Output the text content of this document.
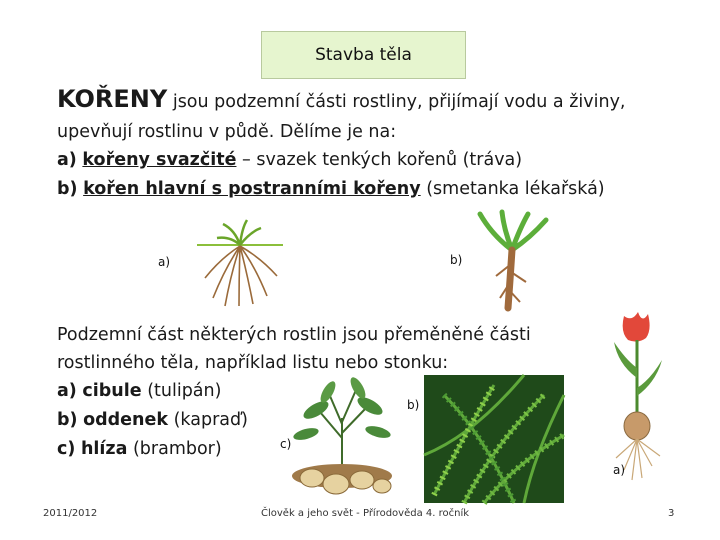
Stavba těla
KOŘENY jsou podzemní části rostliny, přijímají vodu a živiny,
upevňují rostlinu v půdě. Dělíme je na:
a) kořeny svazčité – svazek tenkých kořenů (tráva)
b) kořen hlavní s postranními kořeny (smetanka lékařská)
a)	b)
Podzemní část některých rostlin jsou přeměněné části
rostlinného těla, například listu nebo stonku:
a) cibule (tulipán)
b) oddenek (kapraď)
c) hlíza (brambor)	c)
b)
a)
2011/2012	Člověk a jeho svět - Přírodověda 4. ročník	3
